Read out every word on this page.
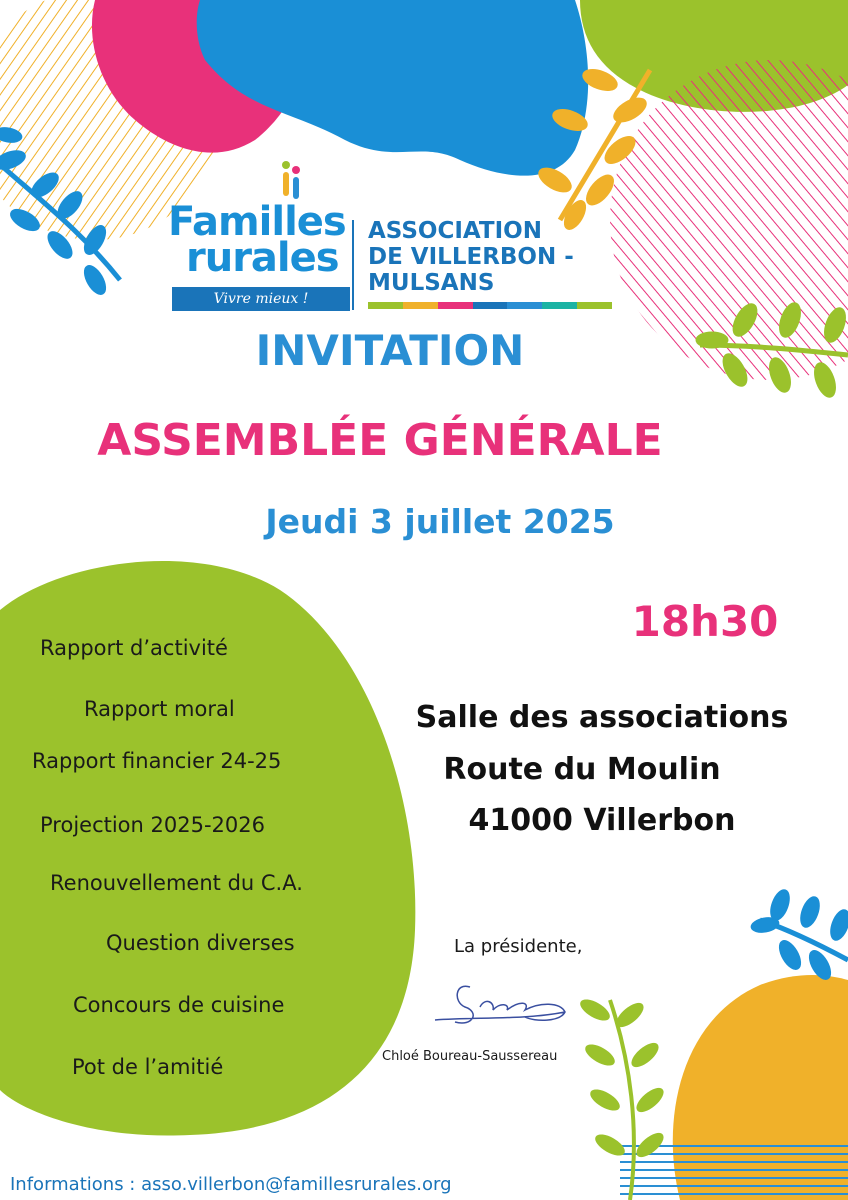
Familles
rurales
Vivre mieux !
ASSOCIATION
DE VILLERBON -
MULSANS
INVITATION
ASSEMBLÉE GÉNÉRALE
Jeudi 3 juillet 2025
18h30
Rapport d’activité
Rapport moral
Rapport financier 24-25
Projection 2025-2026
Renouvellement du C.A.
Question diverses
Concours de cuisine
Pot de l’amitié
Salle des associations
Route du Moulin
41000 Villerbon
La présidente,
Chloé Boureau-Saussereau
Informations : asso.villerbon@famillesrurales.org
